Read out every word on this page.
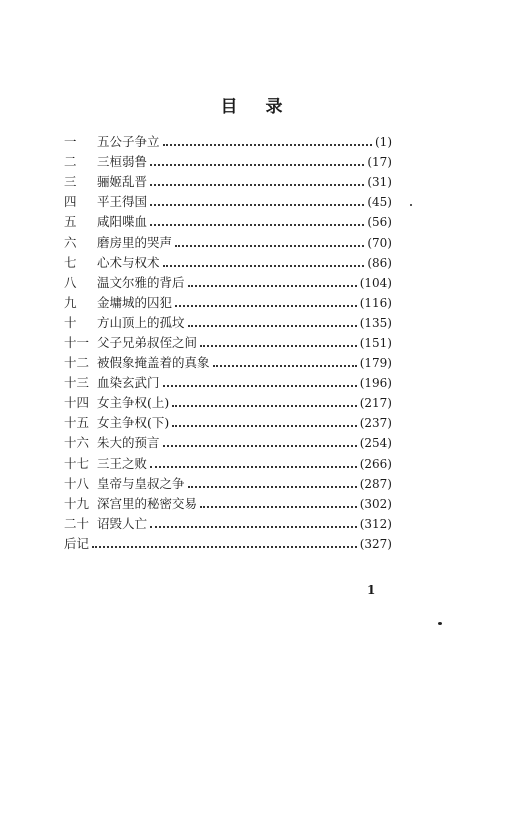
目 录
一	五公子争立	(1)
二	三桓弱鲁	(17)
三	骊姬乱晋	(31)
四	平王得国	(45)
五	咸阳喋血	(56)
六	磨房里的哭声	(70)
七	心术与权术	(86)
八	温文尔雅的背后	(104)
九	金墉城的囚犯	(116)
十	方山顶上的孤坟	(135)
十一 父子兄弟叔侄之间	(151)
十二 被假象掩盖着的真象	(179)
十三 血染玄武门	(196)
十四 女主争权(上)	(217)
十五 女主争权(下)	(237)
十六 朱大的预言	(254)
十七 三王之败	(266)
十八 皇帝与皇叔之争	(287)
十九 深宫里的秘密交易	(302)
二十 诏毁人亡	(312)
后记	(327)
1
